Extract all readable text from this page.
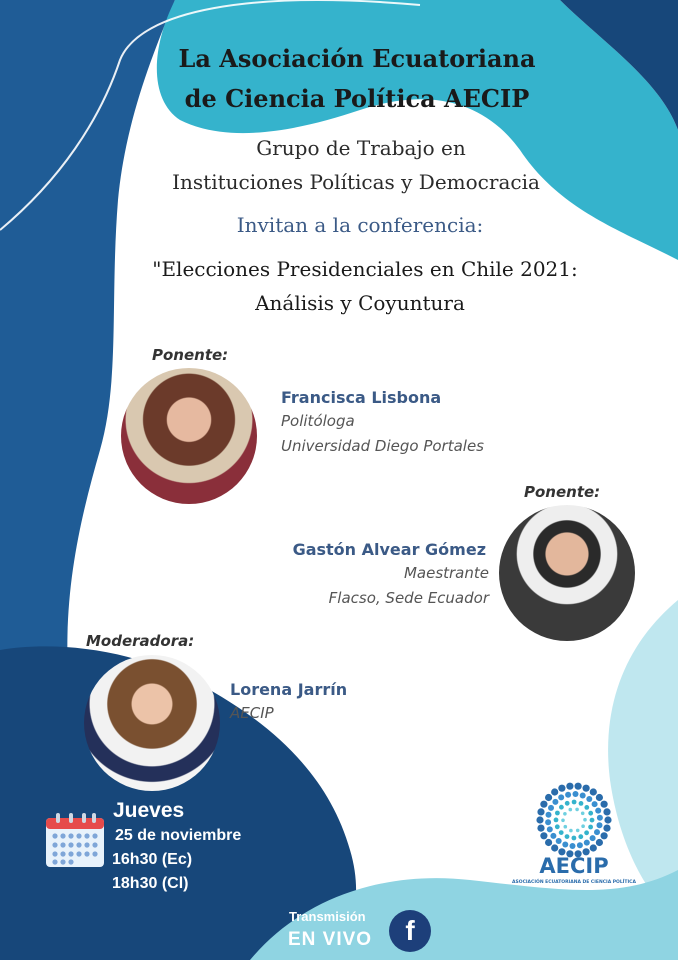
La Asociación Ecuatoriana

de Ciencia Política AECIP

Grupo de Trabajo en

Instituciones Políticas y Democracia

Invitan a la conferencia:

"Elecciones Presidenciales en Chile 2021:

Análisis y Coyuntura

Ponente:

Francisca Lisbona

Politóloga

Universidad Diego Portales

Ponente:

Gastón Alvear Gómez

Maestrante

Flacso, Sede Ecuador

Moderadora:

Lorena Jarrín

AECIP

Jueves

25 de noviembre

16h30 (Ec)

18h30 (Cl)

AECIP

ASOCIACIÓN ECUATORIANA DE CIENCIA POLÍTICA

Transmisión

EN VIVO	f
